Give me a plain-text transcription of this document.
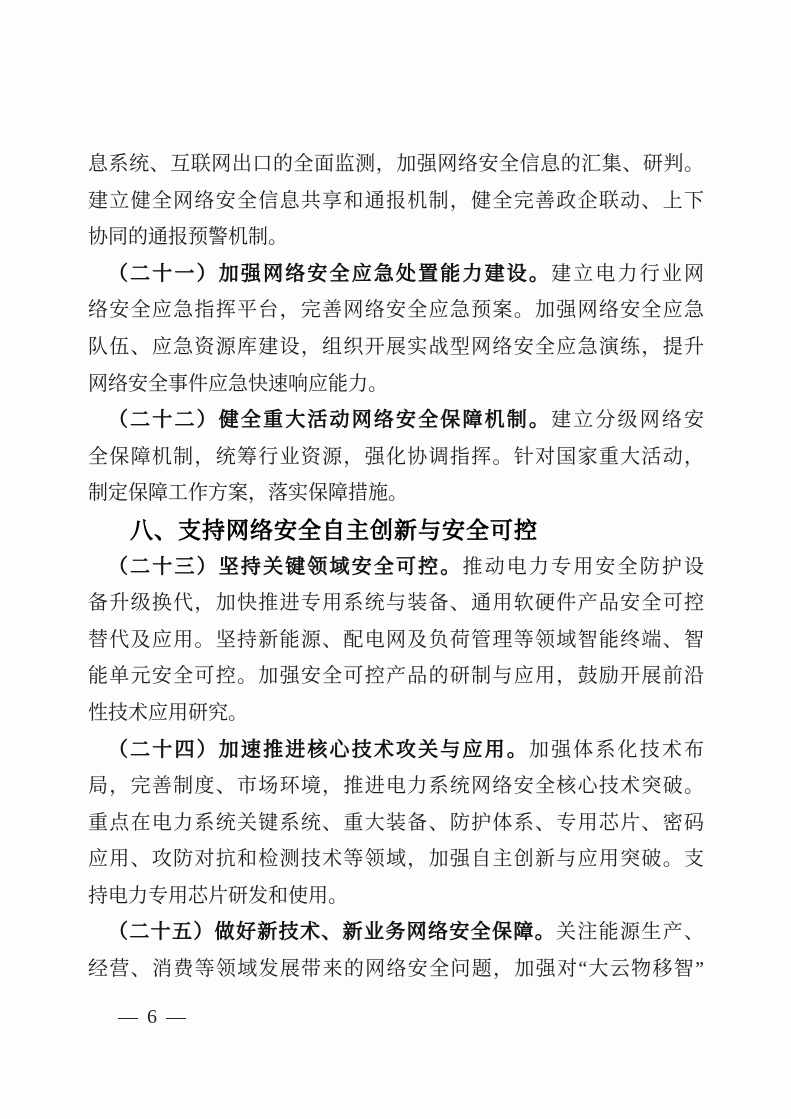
息系统、互联网出口的全面监测，加强网络安全信息的汇集、研判。
建立健全网络安全信息共享和通报机制，健全完善政企联动、上下
协同的通报预警机制。
（二十一）加强网络安全应急处置能力建设。建立电力行业网
络安全应急指挥平台，完善网络安全应急预案。加强网络安全应急
队伍、应急资源库建设，组织开展实战型网络安全应急演练，提升
网络安全事件应急快速响应能力。
（二十二）健全重大活动网络安全保障机制。建立分级网络安
全保障机制，统筹行业资源，强化协调指挥。针对国家重大活动，
制定保障工作方案，落实保障措施。
八、支持网络安全自主创新与安全可控
（二十三）坚持关键领域安全可控。推动电力专用安全防护设
备升级换代，加快推进专用系统与装备、通用软硬件产品安全可控
替代及应用。坚持新能源、配电网及负荷管理等领域智能终端、智
能单元安全可控。加强安全可控产品的研制与应用，鼓励开展前沿
性技术应用研究。
（二十四）加速推进核心技术攻关与应用。加强体系化技术布
局，完善制度、市场环境，推进电力系统网络安全核心技术突破。
重点在电力系统关键系统、重大装备、防护体系、专用芯片、密码
应用、攻防对抗和检测技术等领域，加强自主创新与应用突破。支
持电力专用芯片研发和使用。
（二十五）做好新技术、新业务网络安全保障。关注能源生产、
经营、消费等领域发展带来的网络安全问题，加强对“大云物移智”
— 6 —
